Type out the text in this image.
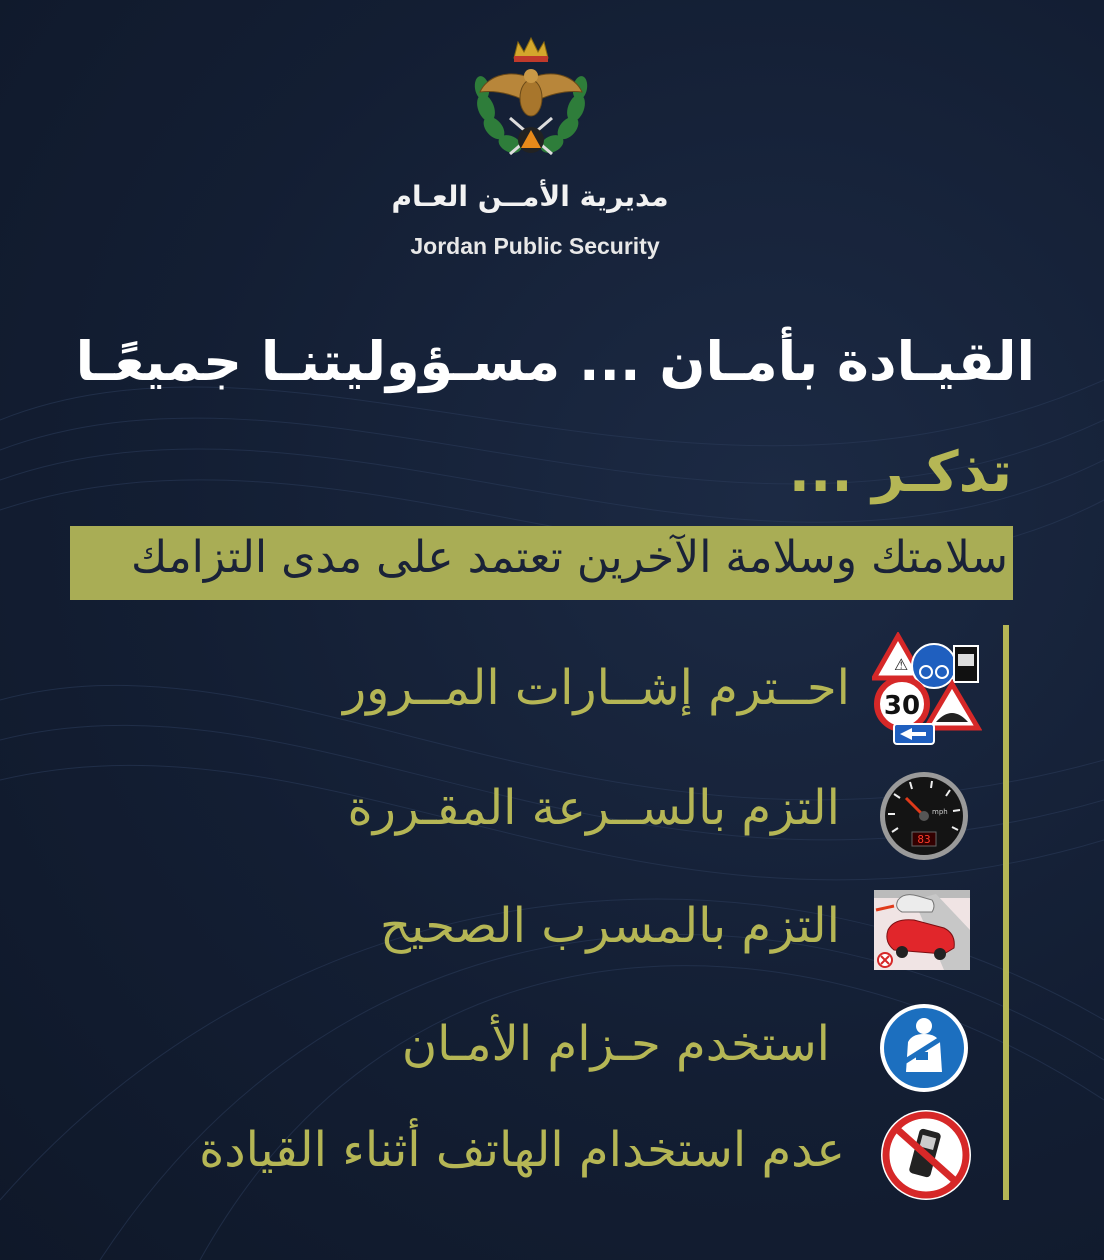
مديرية الأمــن العـام
Jordan Public Security
القيـادة بأمـان ... مسـؤوليتنـا جميعًـا
تذكـر ...
سلامتك وسلامة الآخرين تعتمد على مدى التزامك
احــترم إشــارات المــرور	⚠
30
التزم بالســرعة المقـررة	mph
83
التزم بالمسرب الصحيح
استخدم حـزام الأمـان
عدم استخدام الهاتف أثناء القيادة
